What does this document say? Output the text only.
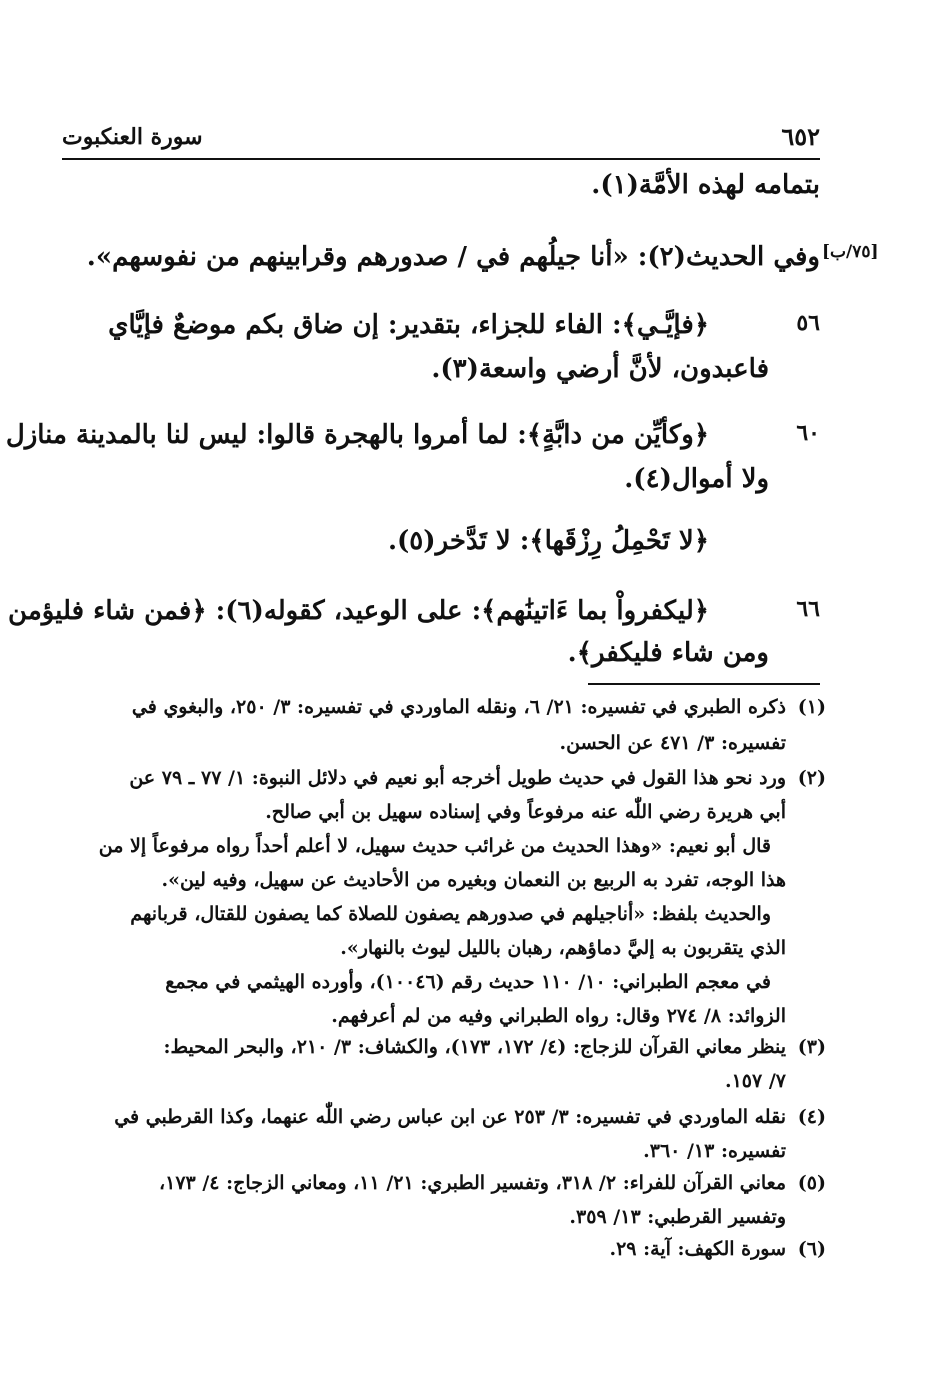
سورة العنكبوت	٦٥٢
[٧٥/ب]
بتمامه لهذه الأمَّة(١).
وفي الحديث(٢): «أنا جيلُهم في / صدورهم وقرابينهم من نفوسهم».
٥٦
﴿فإيَّـي﴾: الفاء للجزاء، بتقدير: إن ضاق بكم موضعٌ فإيَّاي
فاعبدون، لأنَّ أرضي واسعة(٣).
٦٠
﴿وكأيِّن من دابَّةٍ﴾: لما أمروا بالهجرة قالوا: ليس لنا بالمدينة منازل
ولا أموال(٤).
﴿لا تَحْمِلُ رِزْقَها﴾: لا تَدَّخر(٥).
٦٦
﴿ليكفرواْ بما ءَاتينَٰهم﴾: على الوعيد، كقوله(٦): ﴿فمن شاء فليؤمن
ومن شاء فليكفر﴾.
(١)
ذكره الطبري في تفسيره: ٢١/ ٦، ونقله الماوردي في تفسيره: ٣/ ٢٥٠، والبغوي في
تفسيره: ٣/ ٤٧١ عن الحسن.
(٢)
ورد نحو هذا القول في حديث طويل أخرجه أبو نعيم في دلائل النبوة: ١/ ٧٧ ـ ٧٩ عن
أبي هريرة رضي اللّٰه عنه مرفوعاً وفي إسناده سهيل بن أبي صالح.
قال أبو نعيم: «وهذا الحديث من غرائب حديث سهيل، لا أعلم أحداً رواه مرفوعاً إلا من
هذا الوجه، تفرد به الربيع بن النعمان وبغيره من الأحاديث عن سهيل، وفيه لين».
والحديث بلفظ: «أناجيلهم في صدورهم يصفون للصلاة كما يصفون للقتال، قربانهم
الذي يتقربون به إليَّ دماؤهم، رهبان بالليل ليوث بالنهار».
في معجم الطبراني: ١٠/ ١١٠ حديث رقم (١٠٠٤٦)، وأورده الهيثمي في مجمع
الزوائد: ٨/ ٢٧٤ وقال: رواه الطبراني وفيه من لم أعرفهم.
(٣)
ينظر معاني القرآن للزجاج: (٤/ ١٧٢، ١٧٣)، والكشاف: ٣/ ٢١٠، والبحر المحيط:
٧/ ١٥٧.
(٤)
نقله الماوردي في تفسيره: ٣/ ٢٥٣ عن ابن عباس رضي اللّٰه عنهما، وكذا القرطبي في
تفسيره: ١٣/ ٣٦٠.
(٥)
معاني القرآن للفراء: ٢/ ٣١٨، وتفسير الطبري: ٢١/ ١١، ومعاني الزجاج: ٤/ ١٧٣،
وتفسير القرطبي: ١٣/ ٣٥٩.
(٦)
سورة الكهف: آية: ٢٩.
